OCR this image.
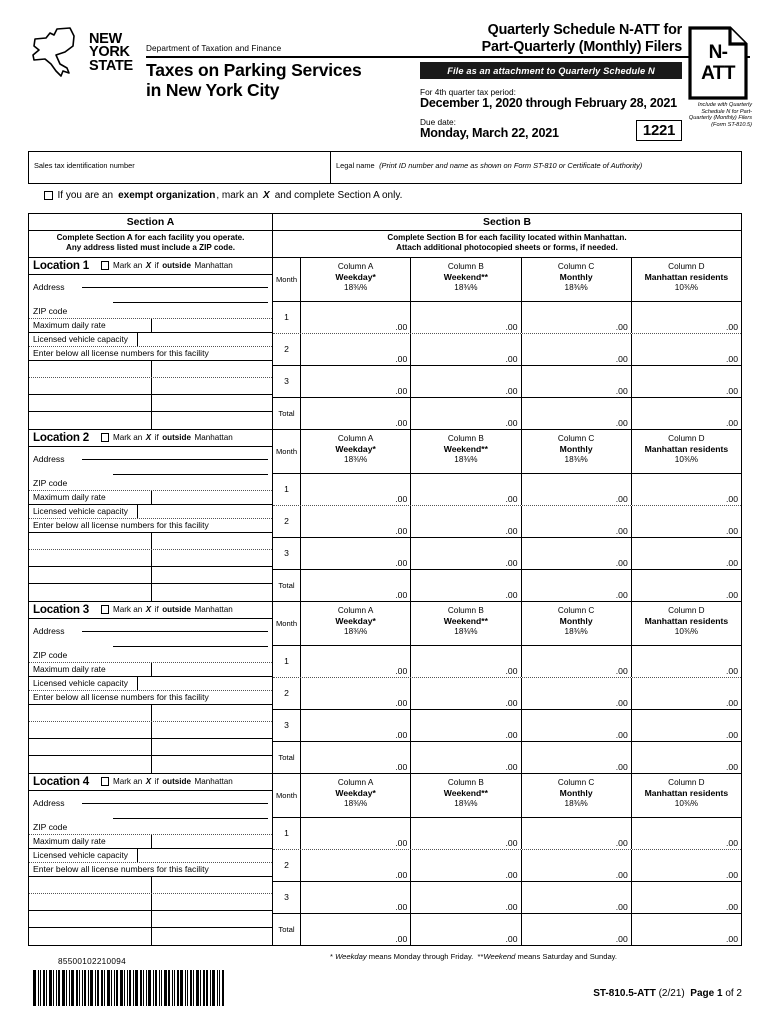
NEW
YORK
STATE
Department of Taxation and Finance
Taxes on Parking Services
in New York City
Quarterly Schedule N-ATT for
Part-Quarterly (Monthly) Filers
File as an attachment to Quarterly Schedule N
For 4th quarter tax period:
December 1, 2020 through February 28, 2021
Due date:
Monday, March 22, 2021	1221
N-
ATT
Include with Quarterly Schedule N for Part-Quarterly (Monthly) Filers (Form ST-810.5)
Sales tax identification number	Legal name (Print ID number and name as shown on Form ST-810 or Certificate of Authority)
If you are an exempt organization , mark an X and complete Section A only.
Section A	Section B
Complete Section A for each facility you operate.
Any address listed must include a ZIP code.
Complete Section B for each facility located within Manhattan.
Attach additional photocopied sheets or forms, if needed.
Location 1	Mark an X if outside Manhattan
Address
ZIP code
Maximum daily rate
Licensed vehicle capacity
Enter below all license numbers for this facility
Month
Column A
Weekday*
18⅜%
Column B
Weekend**
18⅜%
Column C
Monthly
18⅜%
Column D
Manhattan residents
10⅜%
1
.00	.00	.00	.00
2
.00	.00	.00	.00
3
.00	.00	.00	.00
Total
.00	.00	.00	.00
Location 2	Mark an X if outside Manhattan
Address
ZIP code
Maximum daily rate
Licensed vehicle capacity
Enter below all license numbers for this facility
Month
Column A
Weekday*
18⅜%
Column B
Weekend**
18⅜%
Column C
Monthly
18⅜%
Column D
Manhattan residents
10⅜%
1
.00	.00	.00	.00
2
.00	.00	.00	.00
3
.00	.00	.00	.00
Total
.00	.00	.00	.00
Location 3	Mark an X if outside Manhattan
Address
ZIP code
Maximum daily rate
Licensed vehicle capacity
Enter below all license numbers for this facility
Month
Column A
Weekday*
18⅜%
Column B
Weekend**
18⅜%
Column C
Monthly
18⅜%
Column D
Manhattan residents
10⅜%
1
.00	.00	.00	.00
2
.00	.00	.00	.00
3
.00	.00	.00	.00
Total
.00	.00	.00	.00
Location 4	Mark an X if outside Manhattan
Address
ZIP code
Maximum daily rate
Licensed vehicle capacity
Enter below all license numbers for this facility
Month
Column A
Weekday*
18⅜%
Column B
Weekend**
18⅜%
Column C
Monthly
18⅜%
Column D
Manhattan residents
10⅜%
1
.00	.00	.00	.00
2
.00	.00	.00	.00
3
.00	.00	.00	.00
Total
.00	.00	.00	.00
* Weekday means Monday through Friday. **Weekend means Saturday and Sunday.
85500102210094
ST-810.5-ATT (2/21) Page 1 of 2
